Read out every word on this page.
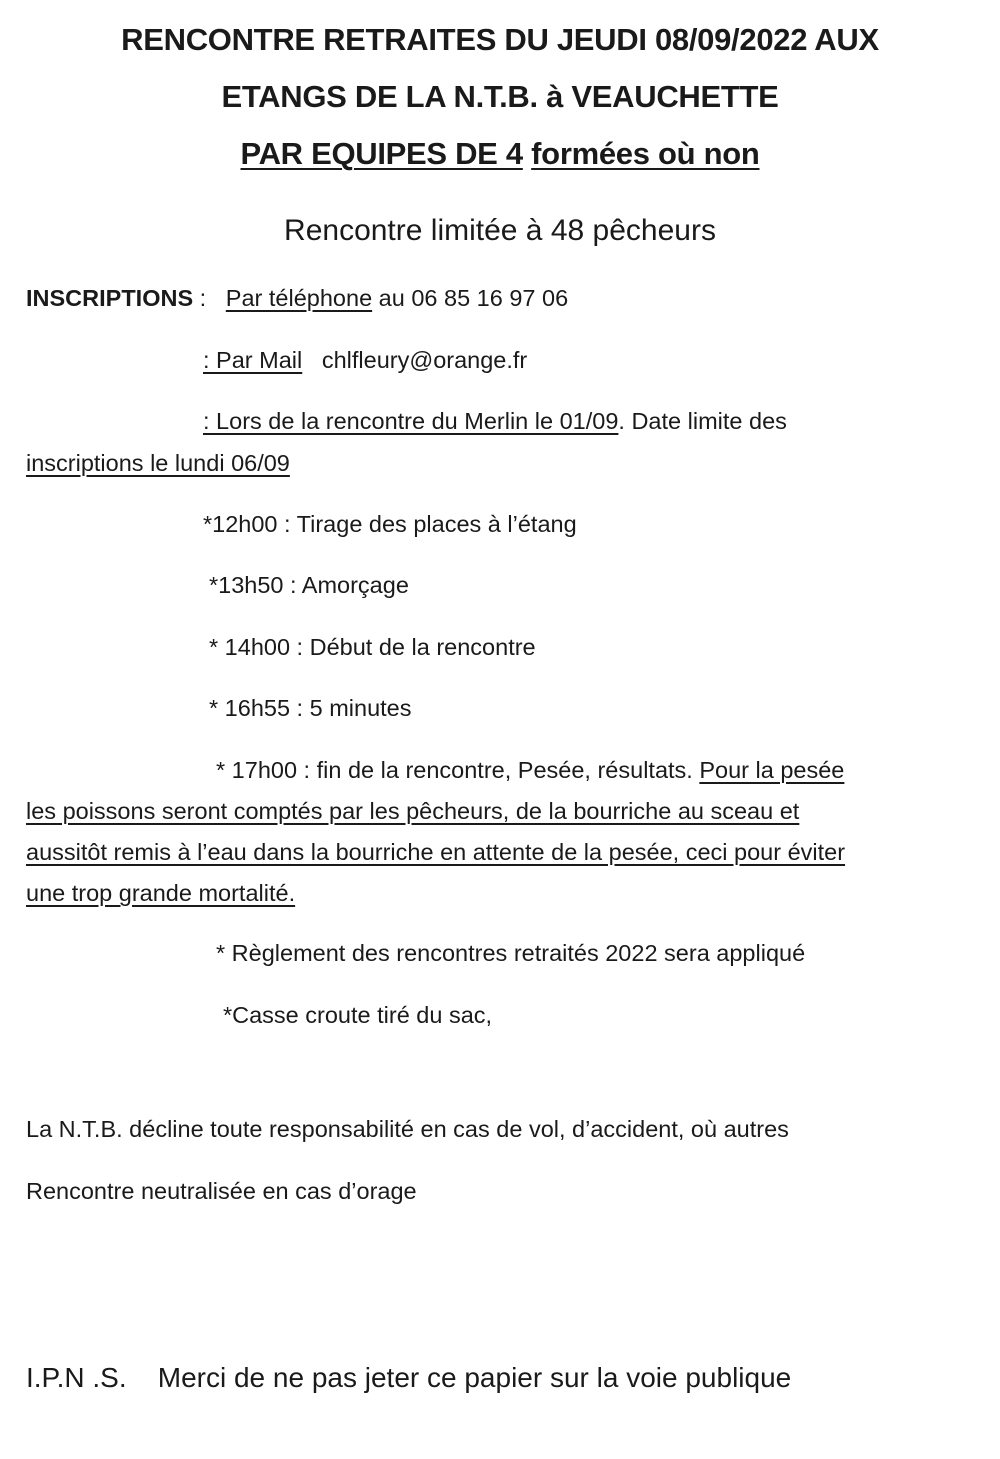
RENCONTRE RETRAITES DU JEUDI 08/09/2022 AUX
ETANGS DE LA N.T.B. à VEAUCHETTE
PAR EQUIPES DE 4 formées où non
Rencontre limitée à 48 pêcheurs
INSCRIPTIONS : Par téléphone au 06 85 16 97 06
: Par Mail chlfleury@orange.fr
: Lors de la rencontre du Merlin le 01/09. Date limite des
inscriptions le lundi 06/09
*12h00 : Tirage des places à l’étang
*13h50 : Amorçage
* 14h00 : Début de la rencontre
* 16h55 : 5 minutes
* 17h00 : fin de la rencontre, Pesée, résultats. Pour la pesée
les poissons seront comptés par les pêcheurs, de la bourriche au sceau et
aussitôt remis à l’eau dans la bourriche en attente de la pesée, ceci pour éviter
une trop grande mortalité.
* Règlement des rencontres retraités 2022 sera appliqué
*Casse croute tiré du sac,
La N.T.B. décline toute responsabilité en cas de vol, d’accident, où autres
Rencontre neutralisée en cas d’orage
I.P.N .S. Merci de ne pas jeter ce papier sur la voie publique
